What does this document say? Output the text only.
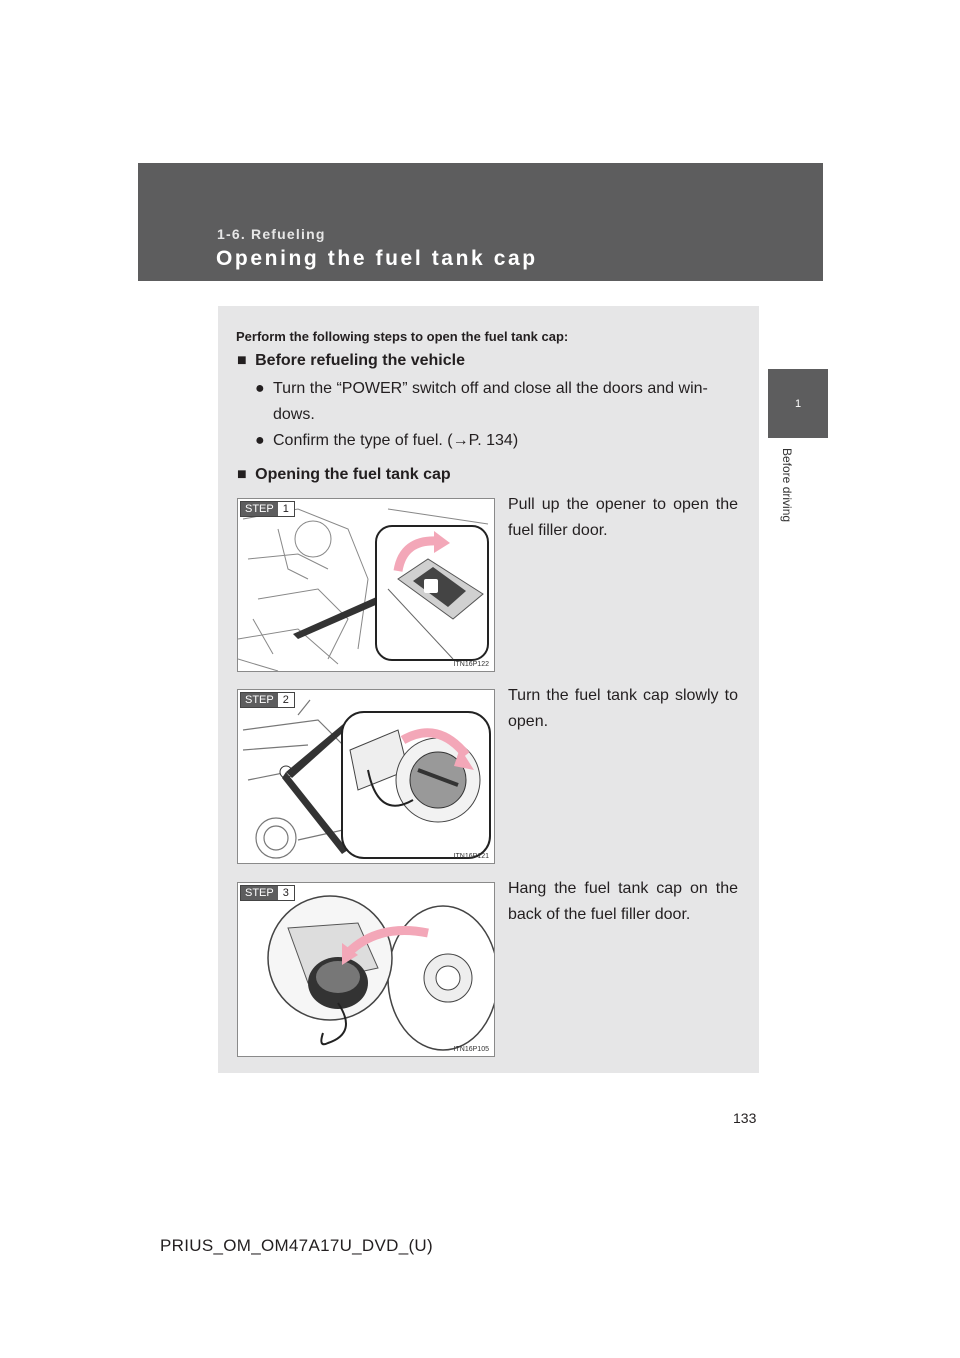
1-6. Refueling
Opening the fuel tank cap
1
Before driving
Perform the following steps to open the fuel tank cap:
■ Before refueling the vehicle
● Turn the “POWER” switch off and close all the doors and win-dows.
● Confirm the type of fuel. (→P. 134)
■ Opening the fuel tank cap
STEP 1
ITN16P122
Pull up the opener to open the fuel filler door.
STEP 2
ITN16P121
Turn the fuel tank cap slowly to open.
STEP 3
ITN16P105
Hang the fuel tank cap on the back of the fuel filler door.
133
PRIUS_OM_OM47A17U_DVD_(U)
